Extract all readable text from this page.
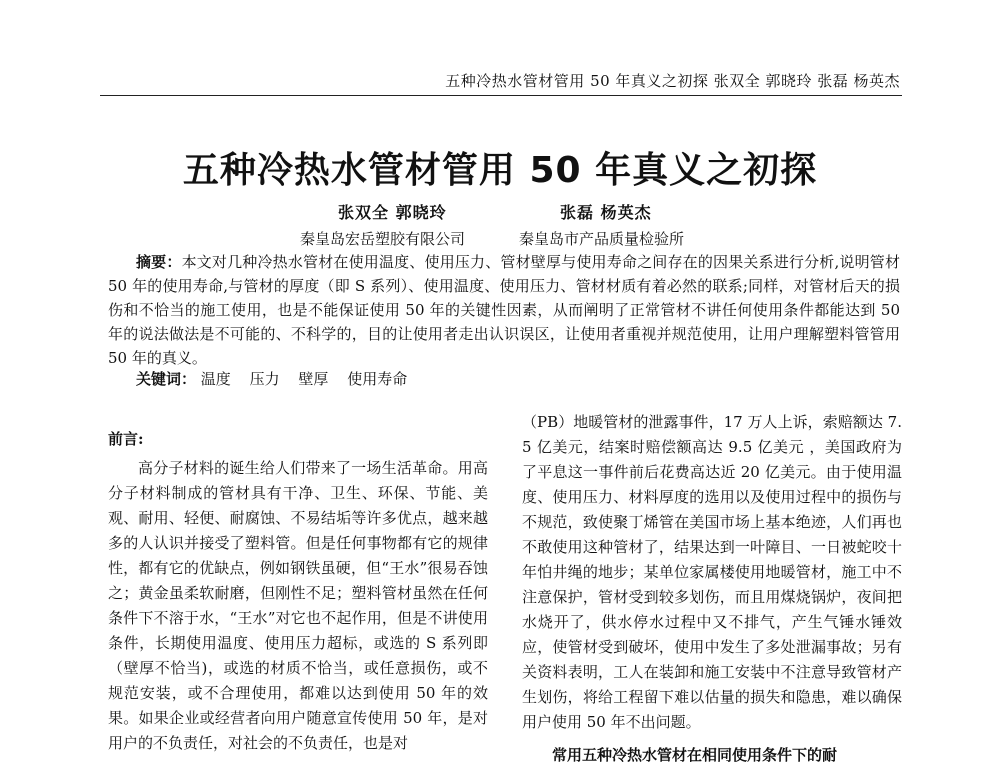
五种冷热水管材管用 50 年真义之初探 张双全 郭晓玲 张磊 杨英杰
五种冷热水管材管用 50 年真义之初探
张双全 郭晓玲	张磊 杨英杰
秦皇岛宏岳塑胶有限公司	秦皇岛市产品质量检验所

摘要：本文对几种冷热水管材在使用温度、使用压力、管材壁厚与使用寿命之间存在的因果关系进行分析,说明管材 50 年的使用寿命,与管材的厚度（即 S 系列）、使用温度、使用压力、管材材质有着必然的联系;同样，对管材后天的损伤和不恰当的施工使用，也是不能保证使用 50 年的关键性因素，从而阐明了正常管材不讲任何使用条件都能达到 50 年的说法做法是不可能的、不科学的，目的让使用者走出认识误区，让使用者重视并规范使用，让用户理解塑料管管用 50 年的真义。

关键词： 温度 压力 壁厚 使用寿命
前言:

高分子材料的诞生给人们带来了一场生活革命。用高分子材料制成的管材具有干净、卫生、环保、节能、美观、耐用、轻便、耐腐蚀、不易结垢等许多优点，越来越多的人认识并接受了塑料管。但是任何事物都有它的规律性，都有它的优缺点，例如钢铁虽硬，但“王水”很易吞蚀之；黄金虽柔软耐磨，但刚性不足；塑料管材虽然在任何条件下不溶于水，“王水”对它也不起作用，但是不讲使用条件，长期使用温度、使用压力超标，或选的 S 系列即（壁厚不恰当)，或选的材质不恰当，或任意损伤，或不规范安装，或不合理使用，都难以达到使用 50 年的效果。如果企业或经营者向用户随意宣传使用 50 年，是对用户的不负责任，对社会的不负责任，也是对

（PB）地暖管材的泄露事件，17 万人上诉，索赔额达 7.5 亿美元，结案时赔偿额高达 9.5 亿美元 ，美国政府为了平息这一事件前后花费高达近 20 亿美元。由于使用温度、使用压力、材料厚度的选用以及使用过程中的损伤与不规范，致使聚丁烯管在美国市场上基本绝迹，人们再也不敢使用这种管材了，结果达到一叶障目、一日被蛇咬十年怕井绳的地步；某单位家属楼使用地暖管材，施工中不注意保护，管材受到较多划伤，而且用煤烧锅炉，夜间把水烧开了，供水停水过程中又不排气，产生气锤水锤效应，使管材受到破坏，使用中发生了多处泄漏事故；另有关资料表明，工人在装卸和施工安装中不注意导致管材产生划伤，将给工程留下难以估量的损失和隐患，难以确保用户使用 50 年不出问题。

常用五种冷热水管材在相同使用条件下的耐
